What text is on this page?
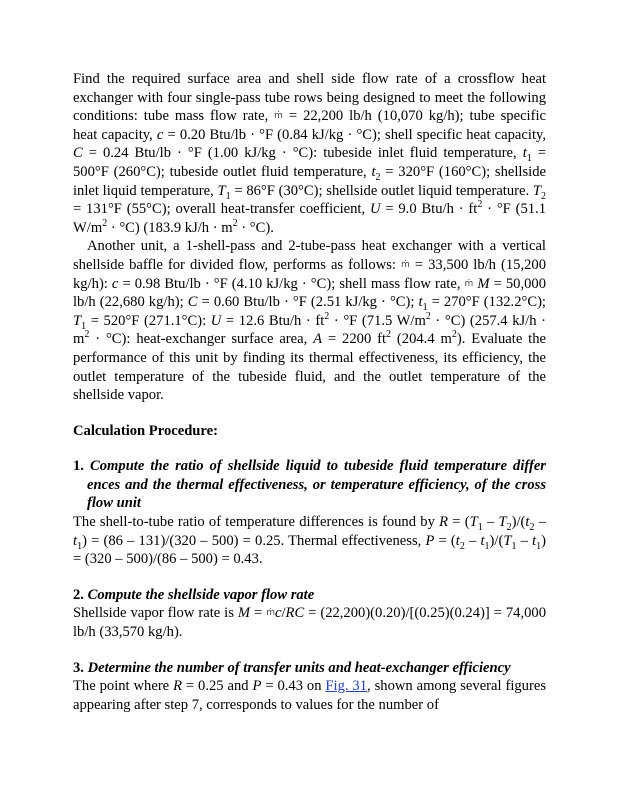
Find the required surface area and shell side flow rate of a crossflow heat exchanger with four single-pass tube rows being designed to meet the following conditions: tube mass flow rate, ṁ = 22,200 lb/h (10,070 kg/h); tube specific heat capacity, c = 0.20 Btu/lb · °F (0.84 kJ/kg · °C); shell specific heat capacity, C = 0.24 Btu/lb · °F (1.00 kJ/kg · °C): tubeside inlet fluid temperature, $t_1 = 500^\circ F$ (260°C); tubeside outlet fluid temperature, $t_2 = 320^\circ F$ (160°C); shellside inlet liquid temperature, $T_1 = 86^\circ F$ (30°C); shellside outlet liquid temperature. $T_2 = 131^\circ F$ (55°C); overall heat-transfer coefficient, U = 9.0 $Btu/h \cdot ft^2 \cdot ^\circ F$ (51.1 $W/m^2 \cdot ^\circ C$) (183.9 $kJ/h \cdot m^2 \cdot ^\circ C$).

Another unit, a 1-shell-pass and 2-tube-pass heat exchanger with a vertical shellside baffle for divided flow, performs as follows: ṁ = 33,500 lb/h (15,200 kg/h): c = 0.98 Btu/lb · °F (4.10 kJ/kg · °C); shell mass flow rate, ṁ M = 50,000 lb/h (22,680 kg/h); C = 0.60 Btu/lb · °F (2.51 kJ/kg · °C); $t_1 = 270^\circ F$ (132.2°C); $T_1 = 520^\circ F$ (271.1°C): U = 12.6 $Btu/h \cdot ft^2 \cdot ^\circ F$ (71.5 $W/m^2 \cdot ^\circ C$) (257.4 $kJ/h \cdot m^2 \cdot ^\circ C$): heat-exchanger surface area, A = 2200 $ft^2$ (204.4 $m^2$). Evaluate the performance of this unit by finding its thermal effectiveness, its efficiency, the outlet temperature of the tubeside fluid, and the outlet temperature of the shellside vapor.

Calculation Procedure:

1. Compute the ratio of shellside liquid to tubeside fluid temperature differ ences and the thermal effectiveness, or temperature efficiency, of the cross flow unit

The shell-to-tube ratio of temperature differences is found by $R = (T_1 - T_2)/(t_2 - t_1) = (86 - 131)/(320 - 500) = 0.25$. Thermal effectiveness, $P = (t_2 - t_1)/(T_1 - t_1) = (320 - 500)/(86 - 500) = 0.43$.

2. Compute the shellside vapor flow rate

Shellside vapor flow rate is M = ṁc/RC = (22,200)(0.20)/[(0.25)(0.24)] = 74,000 lb/h (33,570 kg/h).

3. Determine the number of transfer units and heat-exchanger efficiency

The point where R = 0.25 and P = 0.43 on Fig. 31, shown among several figures appearing after step 7, corresponds to values for the number of
